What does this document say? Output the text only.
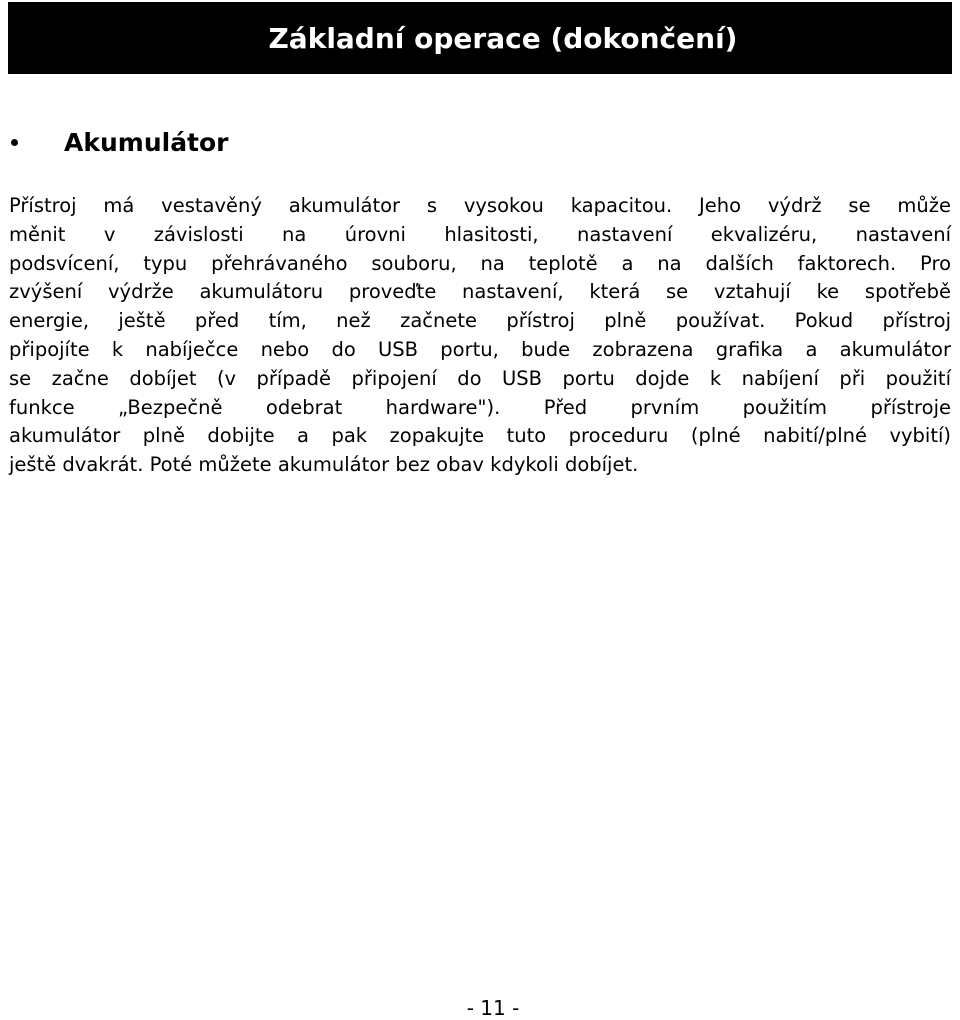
Základní operace (dokončení)
Akumulátor
Přístroj má vestavěný akumulátor s vysokou kapacitou. Jeho výdrž se může
měnit v závislosti na úrovni hlasitosti, nastavení ekvalizéru, nastavení
podsvícení, typu přehrávaného souboru, na teplotě a na dalších faktorech. Pro
zvýšení výdrže akumulátoru proveďte nastavení, která se vztahují ke spotřebě
energie, ještě před tím, než začnete přístroj plně používat. Pokud přístroj
připojíte k nabíječce nebo do USB portu, bude zobrazena grafika a akumulátor
se začne dobíjet (v případě připojení do USB portu dojde k nabíjení při použití
funkce „Bezpečně odebrat hardware"). Před prvním použitím přístroje
akumulátor plně dobijte a pak zopakujte tuto proceduru (plné nabití/plné vybití)
ještě dvakrát. Poté můžete akumulátor bez obav kdykoli dobíjet.
- 11 -
